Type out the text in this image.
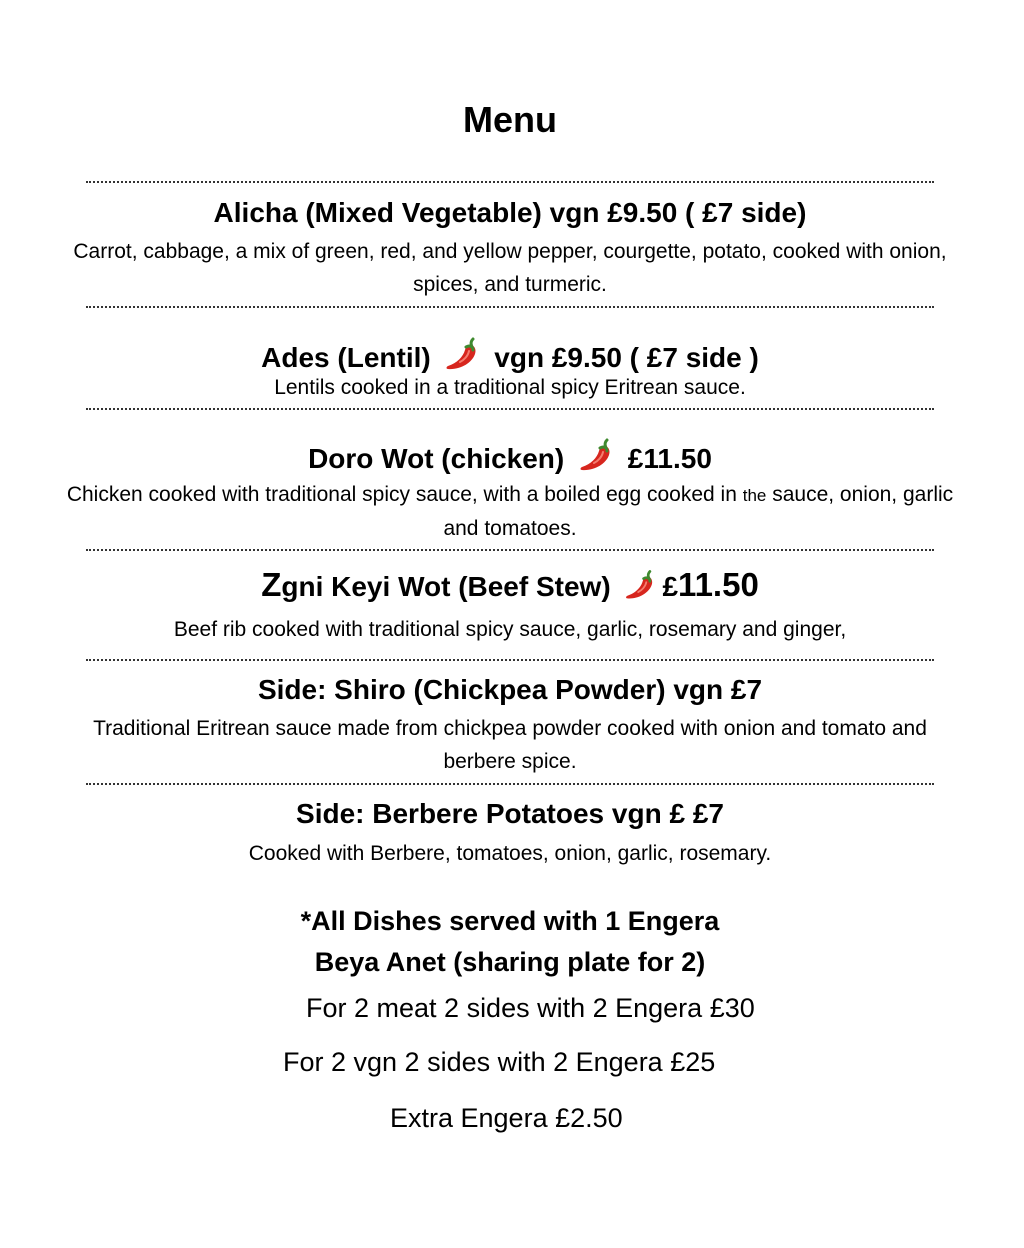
Menu
Alicha (Mixed Vegetable) vgn £9.50 ( £7 side)
Carrot, cabbage, a mix of green, red, and yellow pepper, courgette, potato, cooked with onion, spices, and turmeric.
Ades (Lentil) vgn £9.50 ( £7 side )
Lentils cooked in a traditional spicy Eritrean sauce.
Doro Wot (chicken) £11.50
Chicken cooked with traditional spicy sauce, with a boiled egg cooked in the sauce, onion, garlic and tomatoes.
Zgni Keyi Wot (Beef Stew) £11.50
Beef rib cooked with traditional spicy sauce, garlic, rosemary and ginger,
Side: Shiro (Chickpea Powder) vgn £7
Traditional Eritrean sauce made from chickpea powder cooked with onion and tomato and berbere spice.
Side: Berbere Potatoes vgn £ £7
Cooked with Berbere, tomatoes, onion, garlic, rosemary.
*All Dishes served with 1 Engera
Beya Anet (sharing plate for 2)
For 2 meat 2 sides with 2 Engera £30
For 2 vgn 2 sides with 2 Engera £25
Extra Engera £2.50
